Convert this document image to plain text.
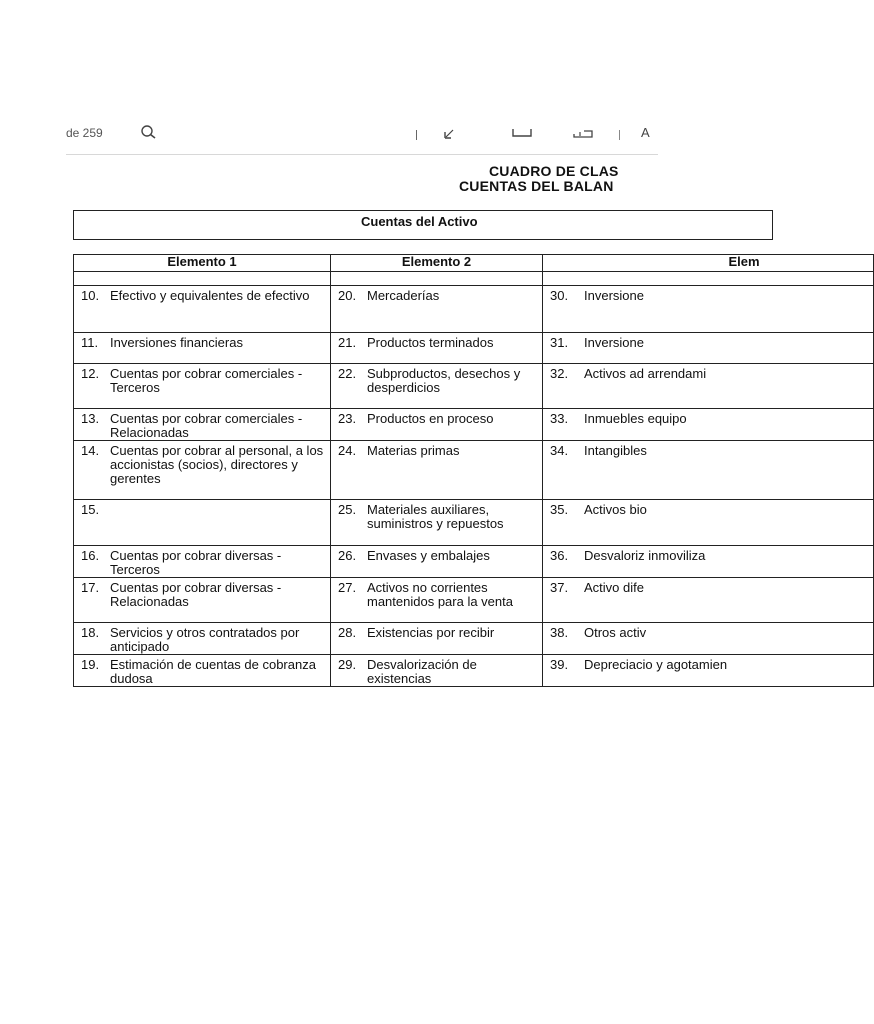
de 259	A
CUADRO DE CLAS
CUENTAS DEL BALAN
Cuentas del Activo
Elemento 1	Elemento 2	Elem

10. Efectivo y equivalentes de efectivo	20. Mercaderías	30. Inversione

11. Inversiones financieras	21. Productos terminados	31. Inversione

12. Cuentas por cobrar comerciales - Terceros	22. Subproductos, desechos y desperdicios	32. Activos ad arrendami

13. Cuentas por cobrar comerciales - Relacionadas	23. Productos en proceso	33. Inmuebles equipo

14. Cuentas por cobrar al personal, a los accionistas (socios), directores y gerentes	24. Materias primas	34. Intangibles

15.	25. Materiales auxiliares, suministros y repuestos	35. Activos bio

16. Cuentas por cobrar diversas - Terceros	26. Envases y embalajes	36. Desvaloriz inmoviliza

17. Cuentas por cobrar diversas - Relacionadas	27. Activos no corrientes mantenidos para la venta	37. Activo dife

18. Servicios y otros contratados por anticipado	28. Existencias por recibir	38. Otros activ

19. Estimación de cuentas de cobranza dudosa	29. Desvalorización de existencias	39. Depreciacio y agotamien
